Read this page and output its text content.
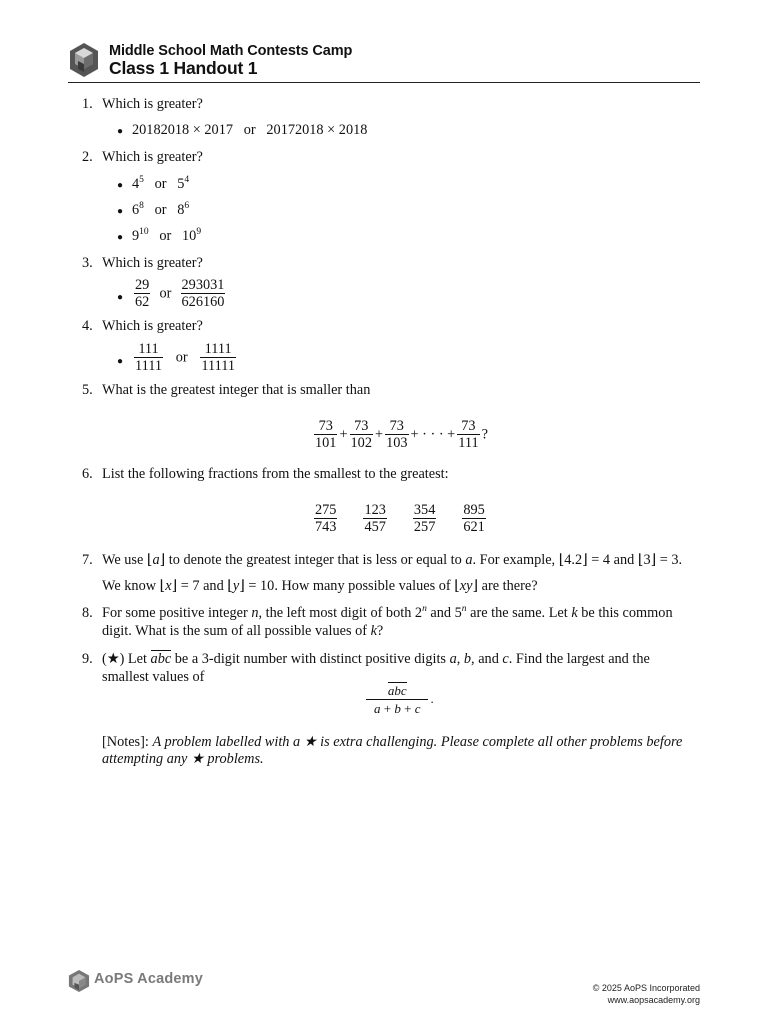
Middle School Math Contests Camp
Class 1 Handout 1
1. Which is greater?
● 20182018 × 2017 or 20172018 × 2018
2. Which is greater?
● $4^5$   or   $5^4$
● $6^8$   or   $8^6$
● $9^{10}$   or   $10^9$
3. Which is greater?
● $\frac{29}{62}$ or $\frac{293031}{626160}$
4. Which is greater?
● $\frac{111}{1111}$ or $\frac{1111}{11111}$
5. What is the greatest integer that is smaller than
$\frac{73}{101} + \frac{73}{102} + \frac{73}{103}$ + · · · + $\frac{73}{111}$ ?
6. List the following fractions from the smallest to the greatest:
$\frac{275}{743} \frac{123}{457} \frac{354}{257} \frac{895}{621}$
7. We use ⌊a⌋ to denote the greatest integer that is less or equal to a. For example, ⌊4.2⌋ = 4 and ⌊3⌋ = 3.
We know ⌊x⌋ = 7 and ⌊y⌋ = 10. How many possible values of ⌊xy⌋ are there?
8. For some positive integer n, the left most digit of both 2$^n$ and 5$^n$ are the same. Let k be this common
digit. What is the sum of all possible values of k?
9. (★) Let abc be a 3-digit number with distinct positive digits a, b, and c. Find the largest and the
smallest values of
$\frac{\text{abc}}{a + b + c}$ .
[Notes]: A problem labelled with a ★ is extra challenging. Please complete all other problems before
attempting any ★ problems.
AoPS Academy
© 2025 AoPS Incorporated
www.aopsacademy.org
